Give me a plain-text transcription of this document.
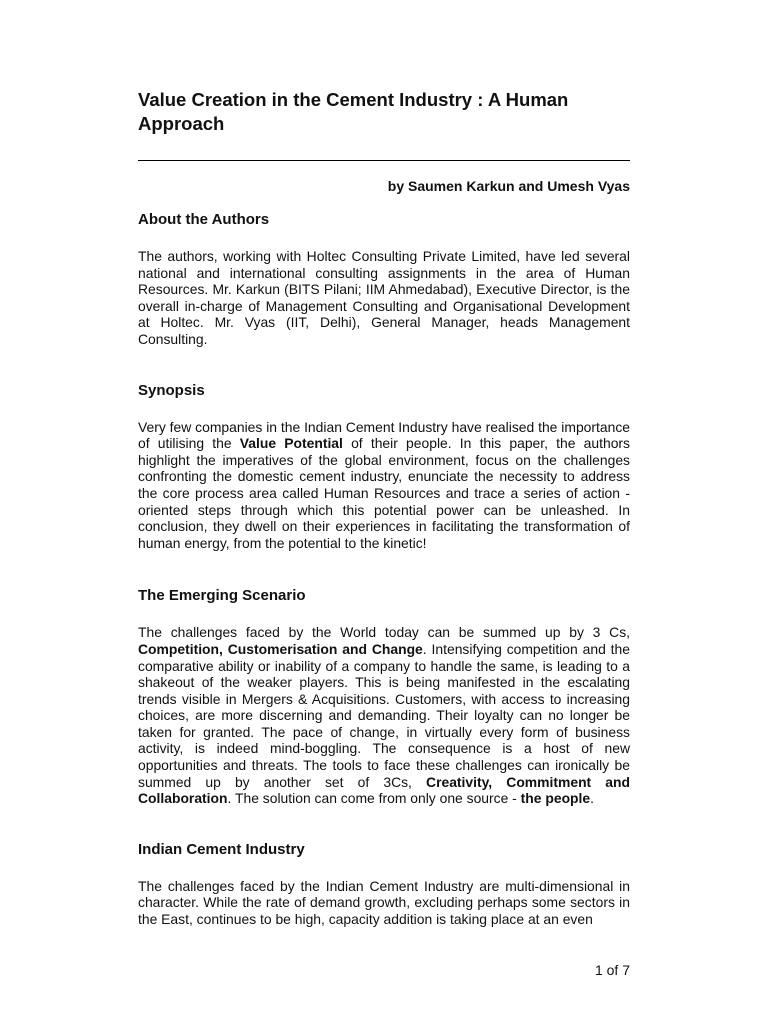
Value Creation in the Cement Industry : A Human Approach
by Saumen Karkun and Umesh Vyas
About the Authors

The authors, working with Holtec Consulting Private Limited, have led several national and international consulting assignments in the area of Human Resources. Mr. Karkun (BITS Pilani; IIM Ahmedabad), Executive Director, is the overall in-charge of Management Consulting and Organisational Development at Holtec. Mr. Vyas (IIT, Delhi), General Manager, heads Management Consulting.

Synopsis

Very few companies in the Indian Cement Industry have realised the importance of utilising the Value Potential of their people. In this paper, the authors highlight the imperatives of the global environment, focus on the challenges confronting the domestic cement industry, enunciate the necessity to address the core process area called Human Resources and trace a series of action - oriented steps through which this potential power can be unleashed. In conclusion, they dwell on their experiences in facilitating the transformation of human energy, from the potential to the kinetic!

The Emerging Scenario

The challenges faced by the World today can be summed up by 3 Cs, Competition, Customerisation and Change. Intensifying competition and the comparative ability or inability of a company to handle the same, is leading to a shakeout of the weaker players. This is being manifested in the escalating trends visible in Mergers & Acquisitions. Customers, with access to increasing choices, are more discerning and demanding. Their loyalty can no longer be taken for granted. The pace of change, in virtually every form of business activity, is indeed mind-boggling. The consequence is a host of new opportunities and threats. The tools to face these challenges can ironically be summed up by another set of 3Cs, Creativity, Commitment and Collaboration. The solution can come from only one source - the people.

Indian Cement Industry

The challenges faced by the Indian Cement Industry are multi-dimensional in character. While the rate of demand growth, excluding perhaps some sectors in the East, continues to be high, capacity addition is taking place at an even

1 of 7
